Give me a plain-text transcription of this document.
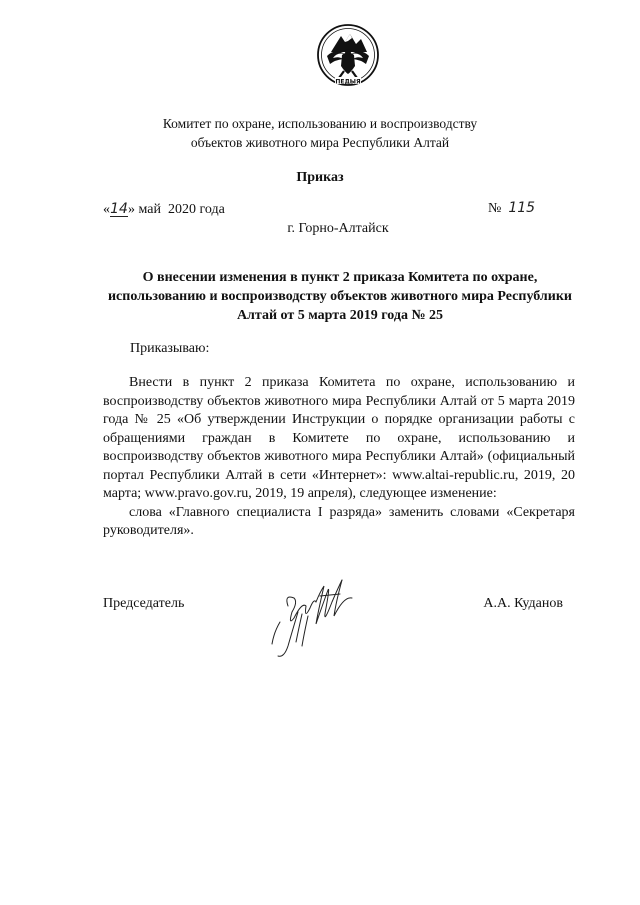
ПЕДЫЯ
Комитет по охране, использованию и воспроизводству
объектов животного мира Республики Алтай
Приказ
«14» май  2020 года	№ 115
г. Горно-Алтайск
О внесении изменения в пункт 2 приказа Комитета по охране, использованию и воспроизводству объектов животного мира Республики Алтай от 5 марта 2019 года № 25
Приказываю:

Внести в пункт 2 приказа Комитета по охране, использованию и воспроизводству объектов животного мира Республики Алтай от 5 марта 2019 года № 25 «Об утверждении Инструкции о порядке организации работы с обращениями граждан в Комитете по охране, использованию и воспроизводству объектов животного мира Республики Алтай» (официальный портал Республики Алтай в сети «Интернет»: www.altai-republic.ru, 2019, 20 марта; www.pravo.gov.ru, 2019, 19 апреля), следующее изменение:

слова «Главного специалиста I разряда» заменить словами «Секретаря руководителя».

Председатель	А.А. Куданов
